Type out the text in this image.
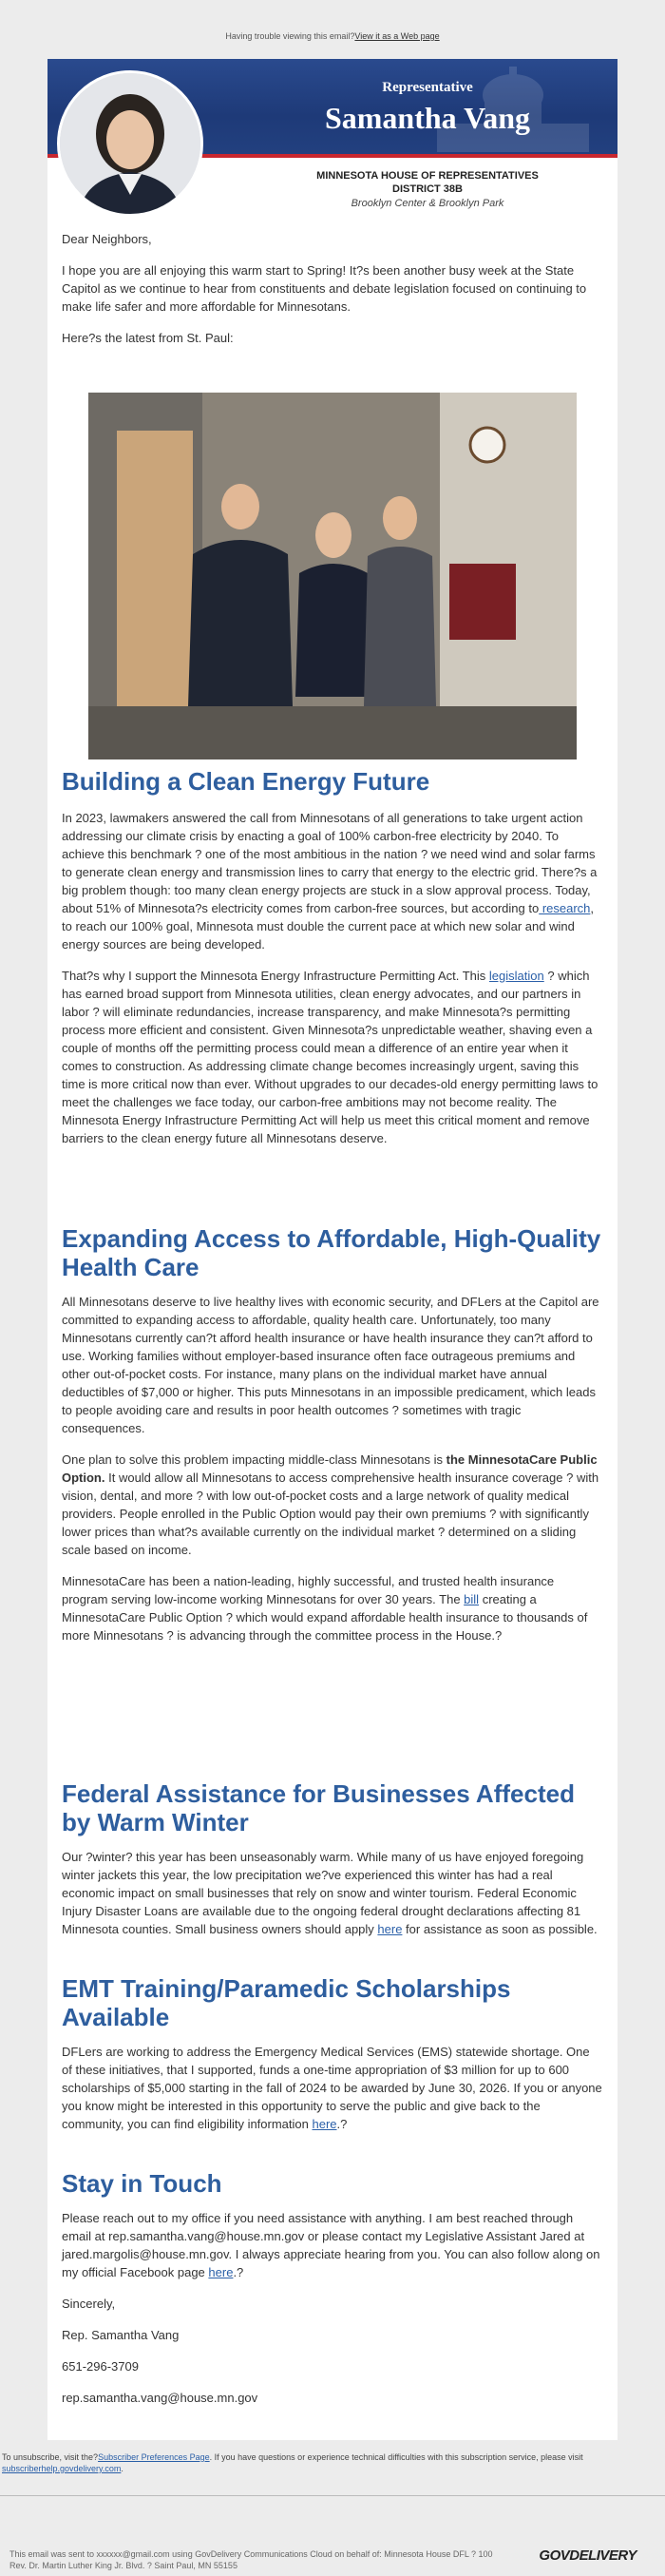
Having trouble viewing this email?View it as a Web page
Representative
Samantha Vang
MINNESOTA HOUSE OF REPRESENTATIVES
DISTRICT 38B
Brooklyn Center & Brooklyn Park

Dear Neighbors,

I hope you are all enjoying this warm start to Spring! It?s been another busy week at the State Capitol as we continue to hear from constituents and debate legislation focused on continuing to make life safer and more affordable for Minnesotans.

Here?s the latest from St. Paul:

Building a Clean Energy Future

In 2023, lawmakers answered the call from Minnesotans of all generations to take urgent action addressing our climate crisis by enacting a goal of 100% carbon-free electricity by 2040. To achieve this benchmark ? one of the most ambitious in the nation ? we need wind and solar farms to generate clean energy and transmission lines to carry that energy to the electric grid. There?s a big problem though: too many clean energy projects are stuck in a slow approval process. Today, about 51% of Minnesota?s electricity comes from carbon-free sources, but according to research, to reach our 100% goal, Minnesota must double the current pace at which new solar and wind energy sources are being developed.

That?s why I support the Minnesota Energy Infrastructure Permitting Act. This legislation ? which has earned broad support from Minnesota utilities, clean energy advocates, and our partners in labor ? will eliminate redundancies, increase transparency, and make Minnesota?s permitting process more efficient and consistent. Given Minnesota?s unpredictable weather, shaving even a couple of months off the permitting process could mean a difference of an entire year when it comes to construction. As addressing climate change becomes increasingly urgent, saving this time is more critical now than ever. Without upgrades to our decades-old energy permitting laws to meet the challenges we face today, our carbon-free ambitions may not become reality. The Minnesota Energy Infrastructure Permitting Act will help us meet this critical moment and remove barriers to the clean energy future all Minnesotans deserve.

Expanding Access to Affordable, High-Quality Health Care

All Minnesotans deserve to live healthy lives with economic security, and DFLers at the Capitol are committed to expanding access to affordable, quality health care. Unfortunately, too many Minnesotans currently can?t afford health insurance or have health insurance they can?t afford to use. Working families without employer-based insurance often face outrageous premiums and other out-of-pocket costs. For instance, many plans on the individual market have annual deductibles of $7,000 or higher. This puts Minnesotans in an impossible predicament, which leads to people avoiding care and results in poor health outcomes ? sometimes with tragic consequences.

One plan to solve this problem impacting middle-class Minnesotans is the MinnesotaCare Public Option. It would allow all Minnesotans to access comprehensive health insurance coverage ? with vision, dental, and more ? with low out-of-pocket costs and a large network of quality medical providers. People enrolled in the Public Option would pay their own premiums ? with significantly lower prices than what?s available currently on the individual market ? determined on a sliding scale based on income.

MinnesotaCare has been a nation-leading, highly successful, and trusted health insurance program serving low-income working Minnesotans for over 30 years. The bill creating a MinnesotaCare Public Option ? which would expand affordable health insurance to thousands of more Minnesotans ? is advancing through the committee process in the House.?

Federal Assistance for Businesses Affected by Warm Winter

Our ?winter? this year has been unseasonably warm. While many of us have enjoyed foregoing winter jackets this year, the low precipitation we?ve experienced this winter has had a real economic impact on small businesses that rely on snow and winter tourism. Federal Economic Injury Disaster Loans are available due to the ongoing federal drought declarations affecting 81 Minnesota counties. Small business owners should apply here for assistance as soon as possible.

EMT Training/Paramedic Scholarships Available

DFLers are working to address the Emergency Medical Services (EMS) statewide shortage. One of these initiatives, that I supported, funds a one-time appropriation of $3 million for up to 600 scholarships of $5,000 starting in the fall of 2024 to be awarded by June 30, 2026. If you or anyone you know might be interested in this opportunity to serve the public and give back to the community, you can find eligibility information here.?

Stay in Touch

Please reach out to my office if you need assistance with anything. I am best reached through email at rep.samantha.vang@house.mn.gov or please contact my Legislative Assistant Jared at jared.margolis@house.mn.gov. I always appreciate hearing from you. You can also follow along on my official Facebook page here.?

Sincerely,

Rep. Samantha Vang

651-296-3709

rep.samantha.vang@house.mn.gov

To unsubscribe, visit the?Subscriber Preferences Page. If you have questions or experience technical difficulties with this subscription service, please visit subscriberhelp.govdelivery.com.
This email was sent to xxxxxx@gmail.com using GovDelivery Communications Cloud on behalf of: Minnesota House DFL ? 100
Rev. Dr. Martin Luther King Jr. Blvd. ? Saint Paul, MN 55155
GOVDELIVERY
